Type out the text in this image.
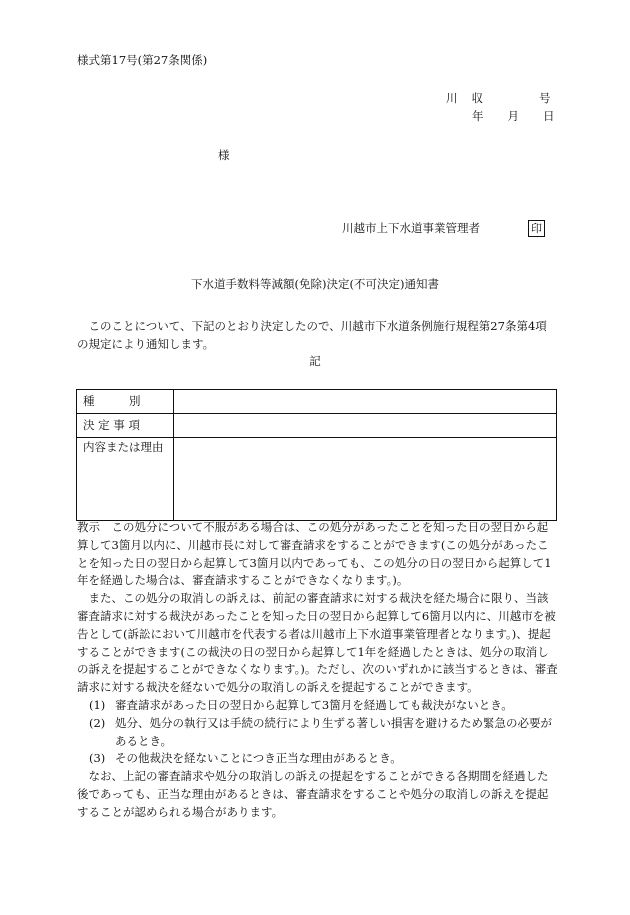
様式第17号(第27条関係)
川 収	号
年 月 日
様
川越市上下水道事業管理者	印
下水道手数料等減額(免除)決定(不可決定)通知書
このことについて、下記のとおり決定したので、川越市下水道条例施行規程第27条第4項の規定により通知します。
記
種　　　別	
決 定 事 項	
内容または理由	

教示　この処分について不服がある場合は、この処分があったことを知った日の翌日から起算して3箇月以内に、川越市長に対して審査請求をすることができます(この処分があったことを知った日の翌日から起算して3箇月以内であっても、この処分の日の翌日から起算して1年を経過した場合は、審査請求することができなくなります。)。

また、この処分の取消しの訴えは、前記の審査請求に対する裁決を経た場合に限り、当該審査請求に対する裁決があったことを知った日の翌日から起算して6箇月以内に、川越市を被告として(訴訟において川越市を代表する者は川越市上下水道事業管理者となります。)、提起することができます(この裁決の日の翌日から起算して1年を経過したときは、処分の取消しの訴えを提起することができなくなります。)。ただし、次のいずれかに該当するときは、審査請求に対する裁決を経ないで処分の取消しの訴えを提起することができます。

(1) 審査請求があった日の翌日から起算して3箇月を経過しても裁決がないとき。
(2) 処分、処分の執行又は手続の続行により生ずる著しい損害を避けるため緊急の必要があるとき。
(3) その他裁決を経ないことにつき正当な理由があるとき。

なお、上記の審査請求や処分の取消しの訴えの提起をすることができる各期間を経過した後であっても、正当な理由があるときは、審査請求をすることや処分の取消しの訴えを提起することが認められる場合があります。
